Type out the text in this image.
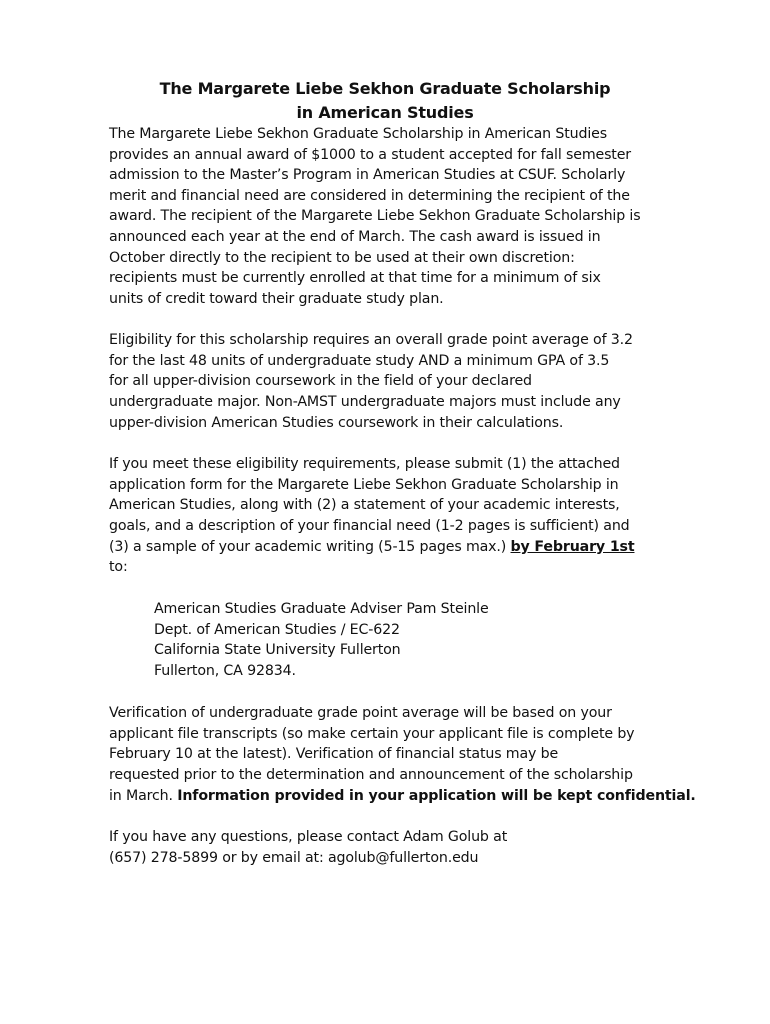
The Margarete Liebe Sekhon Graduate Scholarship
in American Studies
The Margarete Liebe Sekhon Graduate Scholarship in American Studies
provides an annual award of $1000 to a student accepted for fall semester
admission to the Master’s Program in American Studies at CSUF. Scholarly
merit and financial need are considered in determining the recipient of the
award. The recipient of the Margarete Liebe Sekhon Graduate Scholarship is
announced each year at the end of March. The cash award is issued in
October directly to the recipient to be used at their own discretion:
recipients must be currently enrolled at that time for a minimum of six
units of credit toward their graduate study plan.
Eligibility for this scholarship requires an overall grade point average of 3.2
for the last 48 units of undergraduate study AND a minimum GPA of 3.5
for all upper-division coursework in the field of your declared
undergraduate major. Non-AMST undergraduate majors must include any
upper-division American Studies coursework in their calculations.
If you meet these eligibility requirements, please submit (1) the attached
application form for the Margarete Liebe Sekhon Graduate Scholarship in
American Studies, along with (2) a statement of your academic interests,
goals, and a description of your financial need (1-2 pages is sufficient) and
(3) a sample of your academic writing (5-15 pages max.) by February 1st
to:
American Studies Graduate Adviser Pam Steinle
Dept. of American Studies / EC-622
California State University Fullerton
Fullerton, CA 92834.
Verification of undergraduate grade point average will be based on your
applicant file transcripts (so make certain your applicant file is complete by
February 10 at the latest). Verification of financial status may be
requested prior to the determination and announcement of the scholarship
in March. Information provided in your application will be kept confidential.
If you have any questions, please contact Adam Golub at
(657) 278-5899 or by email at: agolub@fullerton.edu
